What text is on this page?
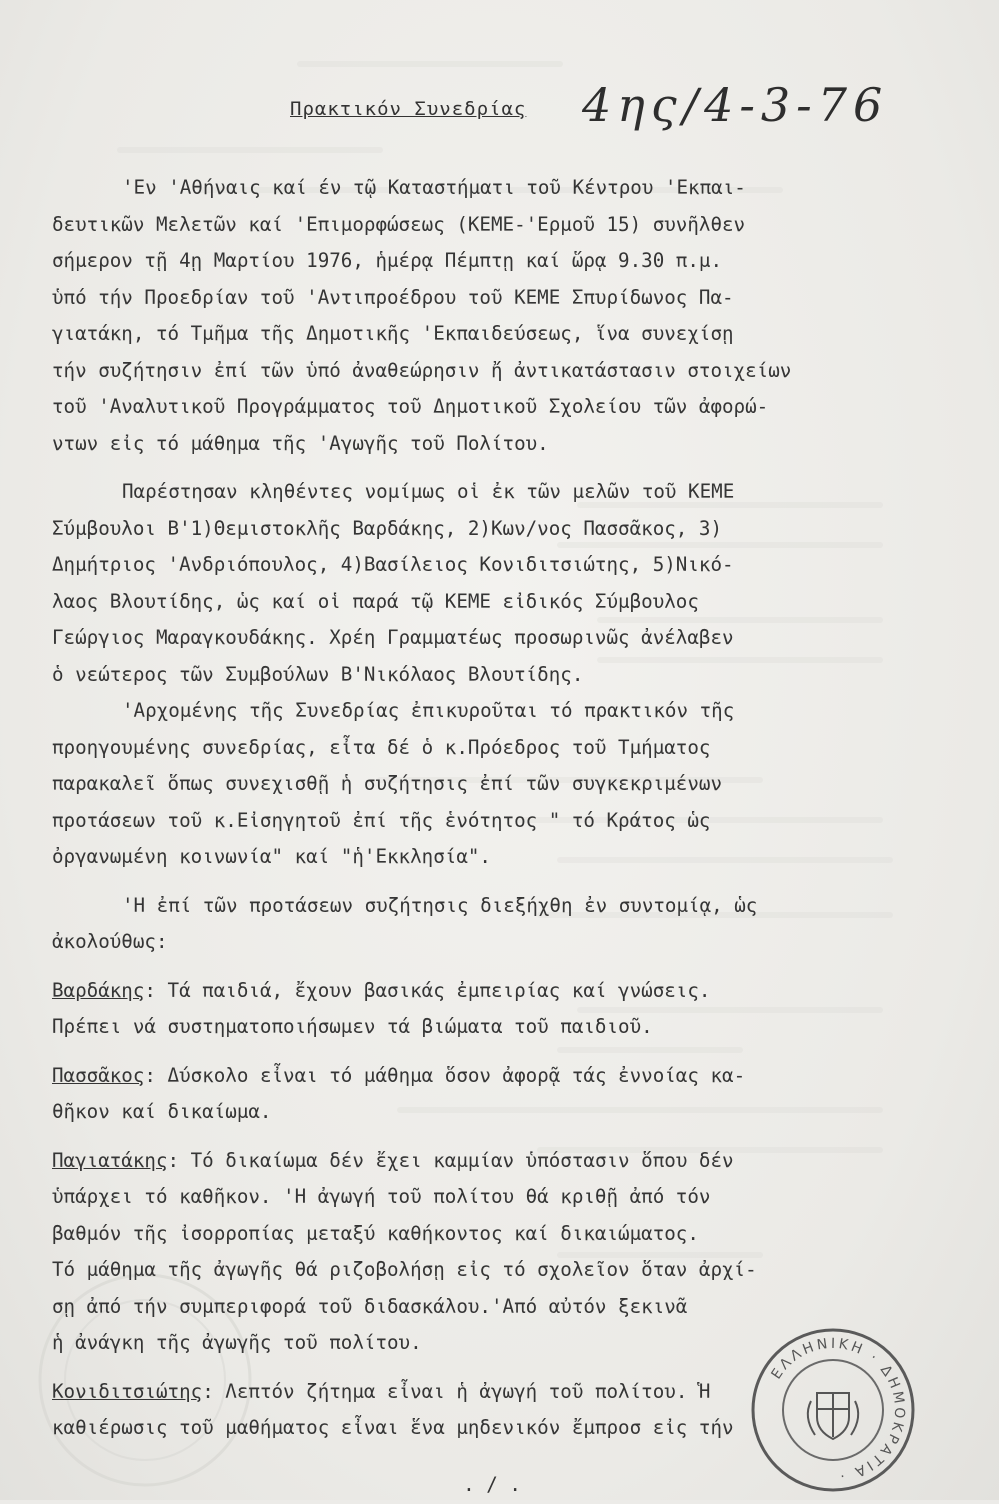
Πρακτικόν Συνεδρίας 4ης/4-3-76
'Εν 'Αθήναις καί έν τῷ Καταστήματι τοῦ Κέντρου 'Εκπαι-
δευτικῶν Μελετῶν καί 'Επιμορφώσεως (ΚΕΜΕ-'Ερμοῦ 15) συνῆλθεν
σήμερον τῇ 4ῃ Μαρτίου 1976, ἡμέρᾳ Πέμπτῃ καί ὥρᾳ 9.30 π.μ.
ὑπό τήν Προεδρίαν τοῦ 'Αντιπροέδρου τοῦ ΚΕΜΕ Σπυρίδωνος Πα-
γιατάκη, τό Τμῆμα τῆς Δημοτικῆς 'Εκπαιδεύσεως, ἵνα συνεχίσῃ
τήν συζήτησιν ἐπί τῶν ὑπό ἀναθεώρησιν ἤ ἀντικατάστασιν στοιχείων
τοῦ 'Αναλυτικοῦ Προγράμματος τοῦ Δημοτικοῦ Σχολείου τῶν ἀφορώ-
ντων εἰς τό μάθημα τῆς 'Αγωγῆς τοῦ Πολίτου.
Παρέστησαν κληθέντες νομίμως οἱ ἐκ τῶν μελῶν τοῦ ΚΕΜΕ
Σύμβουλοι Β'1)Θεμιστοκλῆς Βαρδάκης, 2)Κων/νος Πασσᾶκος, 3)
Δημήτριος 'Ανδριόπουλος, 4)Βασίλειος Κονιδιτσιώτης, 5)Νικό-
λαος Βλουτίδης, ὡς καί οἱ παρά τῷ ΚΕΜΕ εἰδικός Σύμβουλος
Γεώργιος Μαραγκουδάκης. Χρέη Γραμματέως προσωρινῶς ἀνέλαβεν
ὁ νεώτερος τῶν Συμβούλων Β'Νικόλαος Βλουτίδης.
'Αρχομένης τῆς Συνεδρίας ἐπικυροῦται τό πρακτικόν τῆς
προηγουμένης συνεδρίας, εἶτα δέ ὁ κ.Πρόεδρος τοῦ Τμήματος
παρακαλεῖ ὅπως συνεχισθῇ ἡ συζήτησις ἐπί τῶν συγκεκριμένων
προτάσεων τοῦ κ.Εἰσηγητοῦ ἐπί τῆς ἑνότητος " τό Κράτος ὡς
ὀργανωμένη κοινωνία" καί "ἡ'Εκκλησία".
'Η ἐπί τῶν προτάσεων συζήτησις διεξήχθη ἐν συντομίᾳ, ὡς
ἀκολούθως:
Βαρδάκης: Τά παιδιά, ἔχουν βασικάς ἐμπειρίας καί γνώσεις.
Πρέπει νά συστηματοποιήσωμεν τά βιώματα τοῦ παιδιοῦ.
Πασσᾶκος: Δύσκολο εἶναι τό μάθημα ὅσον ἀφορᾷ τάς ἐννοίας κα-
θῆκον καί δικαίωμα.
Παγιατάκης: Τό δικαίωμα δέν ἔχει καμμίαν ὑπόστασιν ὅπου δέν
ὑπάρχει τό καθῆκον. 'Η ἀγωγή τοῦ πολίτου θά κριθῇ ἀπό τόν
βαθμόν τῆς ἰσορροπίας μεταξύ καθήκοντος καί δικαιώματος.
Τό μάθημα τῆς ἀγωγῆς θά ριζοβολήσῃ εἰς τό σχολεῖον ὅταν ἀρχί-
σῃ ἀπό τήν συμπεριφορά τοῦ διδασκάλου.'Από αὐτόν ξεκινᾶ
ἡ ἀνάγκη τῆς ἀγωγῆς τοῦ πολίτου.
Κονιδιτσιώτης: Λεπτόν ζήτημα εἶναι ἡ ἀγωγή τοῦ πολίτου. Ἡ
καθιέρωσις τοῦ μαθήματος εἶναι ἕνα μηδενικόν ἔμπροσ εἰς τήν
. / .
ΕΛΛΗΝΙΚΗ · ΔΗΜΟΚΡΑΤΙΑ ·
